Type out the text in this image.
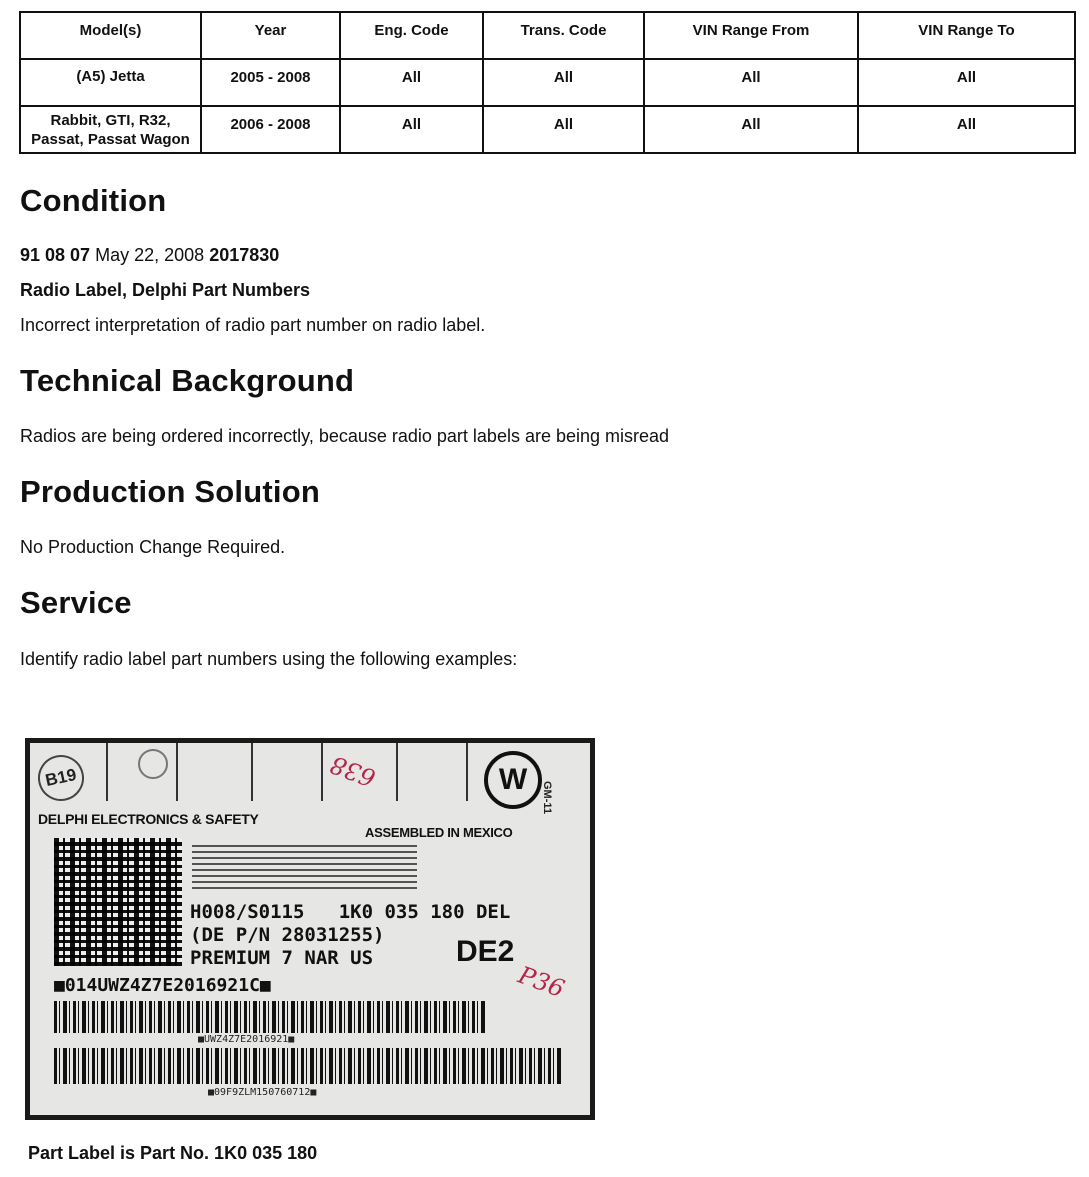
Model(s)	Year	Eng. Code	Trans. Code	VIN Range From	VIN Range To
(A5) Jetta	2005 - 2008	All	All	All	All
Rabbit, GTI, R32,
Passat, Passat Wagon	2006 - 2008	All	All	All	All
Condition

91 08 07 May 22, 2008 2017830

Radio Label, Delphi Part Numbers

Incorrect interpretation of radio part number on radio label.

Technical Background

Radios are being ordered incorrectly, because radio part labels are being misread

Production Solution

No Production Change Required.

Service

Identify radio label part numbers using the following examples:

B19	638	W
GM-11
DELPHI ELECTRONICS & SAFETY
ASSEMBLED IN MEXICO
H008/S0115   1K0 035 180 DEL
(DE P/N 28031255)
PREMIUM 7 NAR US	DE2
P36
■014UWZ4Z7E2016921C■
■UWZ4Z7E2016921■
■09F9ZLM150760712■

Part Label is Part No. 1K0 035 180
